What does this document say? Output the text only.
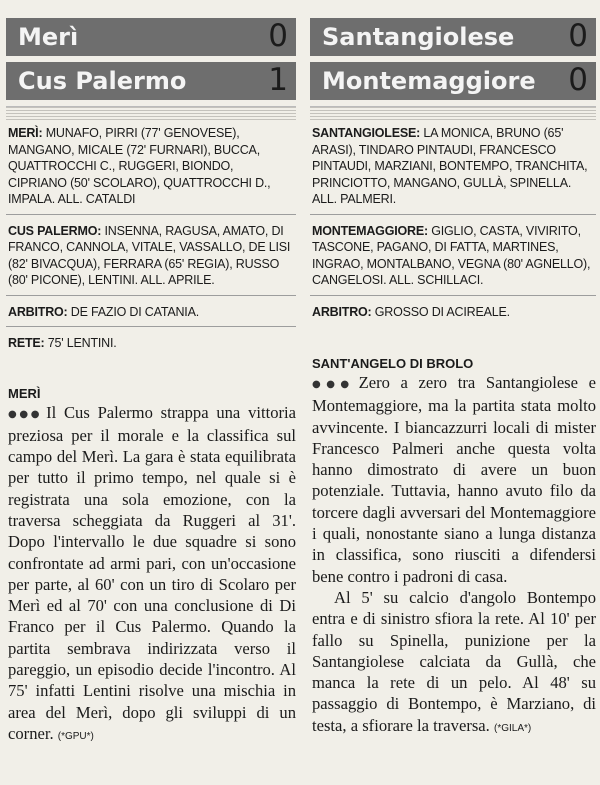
Merì	0
Cus Palermo	1
MERÌ: MUNAFO, PIRRI (77' GENOVESE), MANGANO, MICALE (72' FURNARI), BUCCA, QUATTROCCHI C., RUGGERI, BIONDO, CIPRIANO (50' SCOLARO), QUATTROCCHI D., IMPALA. ALL. CATALDI
CUS PALERMO: INSENNA, RAGUSA, AMATO, DI FRANCO, CANNOLA, VITALE, VASSALLO, DE LISI (82' BIVACQUA), FERRARA (65' REGIA), RUSSO (80' PICONE), LENTINI. ALL. APRILE.
ARBITRO: DE FAZIO DI CATANIA.
RETE: 75' LENTINI.
MERÌ

●●● Il Cus Palermo strappa una vittoria preziosa per il morale e la classifica sul campo del Merì. La gara è stata equilibrata per tutto il primo tempo, nel quale si è registrata una sola emozione, con la traversa scheggiata da Ruggeri al 31'. Dopo l'intervallo le due squadre si sono confrontate ad armi pari, con un'occasione per parte, al 60' con un tiro di Scolaro per Merì ed al 70' con una conclusione di Di Franco per il Cus Palermo. Quando la partita sembrava indirizzata verso il pareggio, un episodio decide l'incontro. Al 75' infatti Lentini risolve una mischia in area del Merì, dopo gli sviluppi di un corner. (*GPU*)

Santangiolese 0
Montemaggiore 0
SANTANGIOLESE: LA MONICA, BRUNO (65' ARASI), TINDARO PINTAUDI, FRANCESCO PINTAUDI, MARZIANI, BONTEMPO, TRANCHITA, PRINCIOTTO, MANGANO, GULLÀ, SPINELLA. ALL. PALMERI.
MONTEMAGGIORE: GIGLIO, CASTA, VIVIRITO, TASCONE, PAGANO, DI FATTA, MARTINES, INGRAO, MONTALBANO, VEGNA (80' AGNELLO), CANGELOSI. ALL. SCHILLACI.
ARBITRO: GROSSO DI ACIREALE.
SANT'ANGELO DI BROLO

●●● Zero a zero tra Santangiolese e Montemaggiore, ma la partita stata molto avvincente. I biancazzurri locali di mister Francesco Palmeri anche questa volta hanno dimostrato di avere un buon potenziale. Tuttavia, hanno avuto filo da torcere dagli avversari del Montemaggiore i quali, nonostante siano a lunga distanza in classifica, sono riusciti a difendersi bene contro i padroni di casa.

Al 5' su calcio d'angolo Bontempo entra e di sinistro sfiora la rete. Al 10' per fallo su Spinella, punizione per la Santangiolese calciata da Gullà, che manca la rete di un pelo. Al 48' su passaggio di Bontempo, è Marziano, di testa, a sfiorare la traversa. (*GILA*)
